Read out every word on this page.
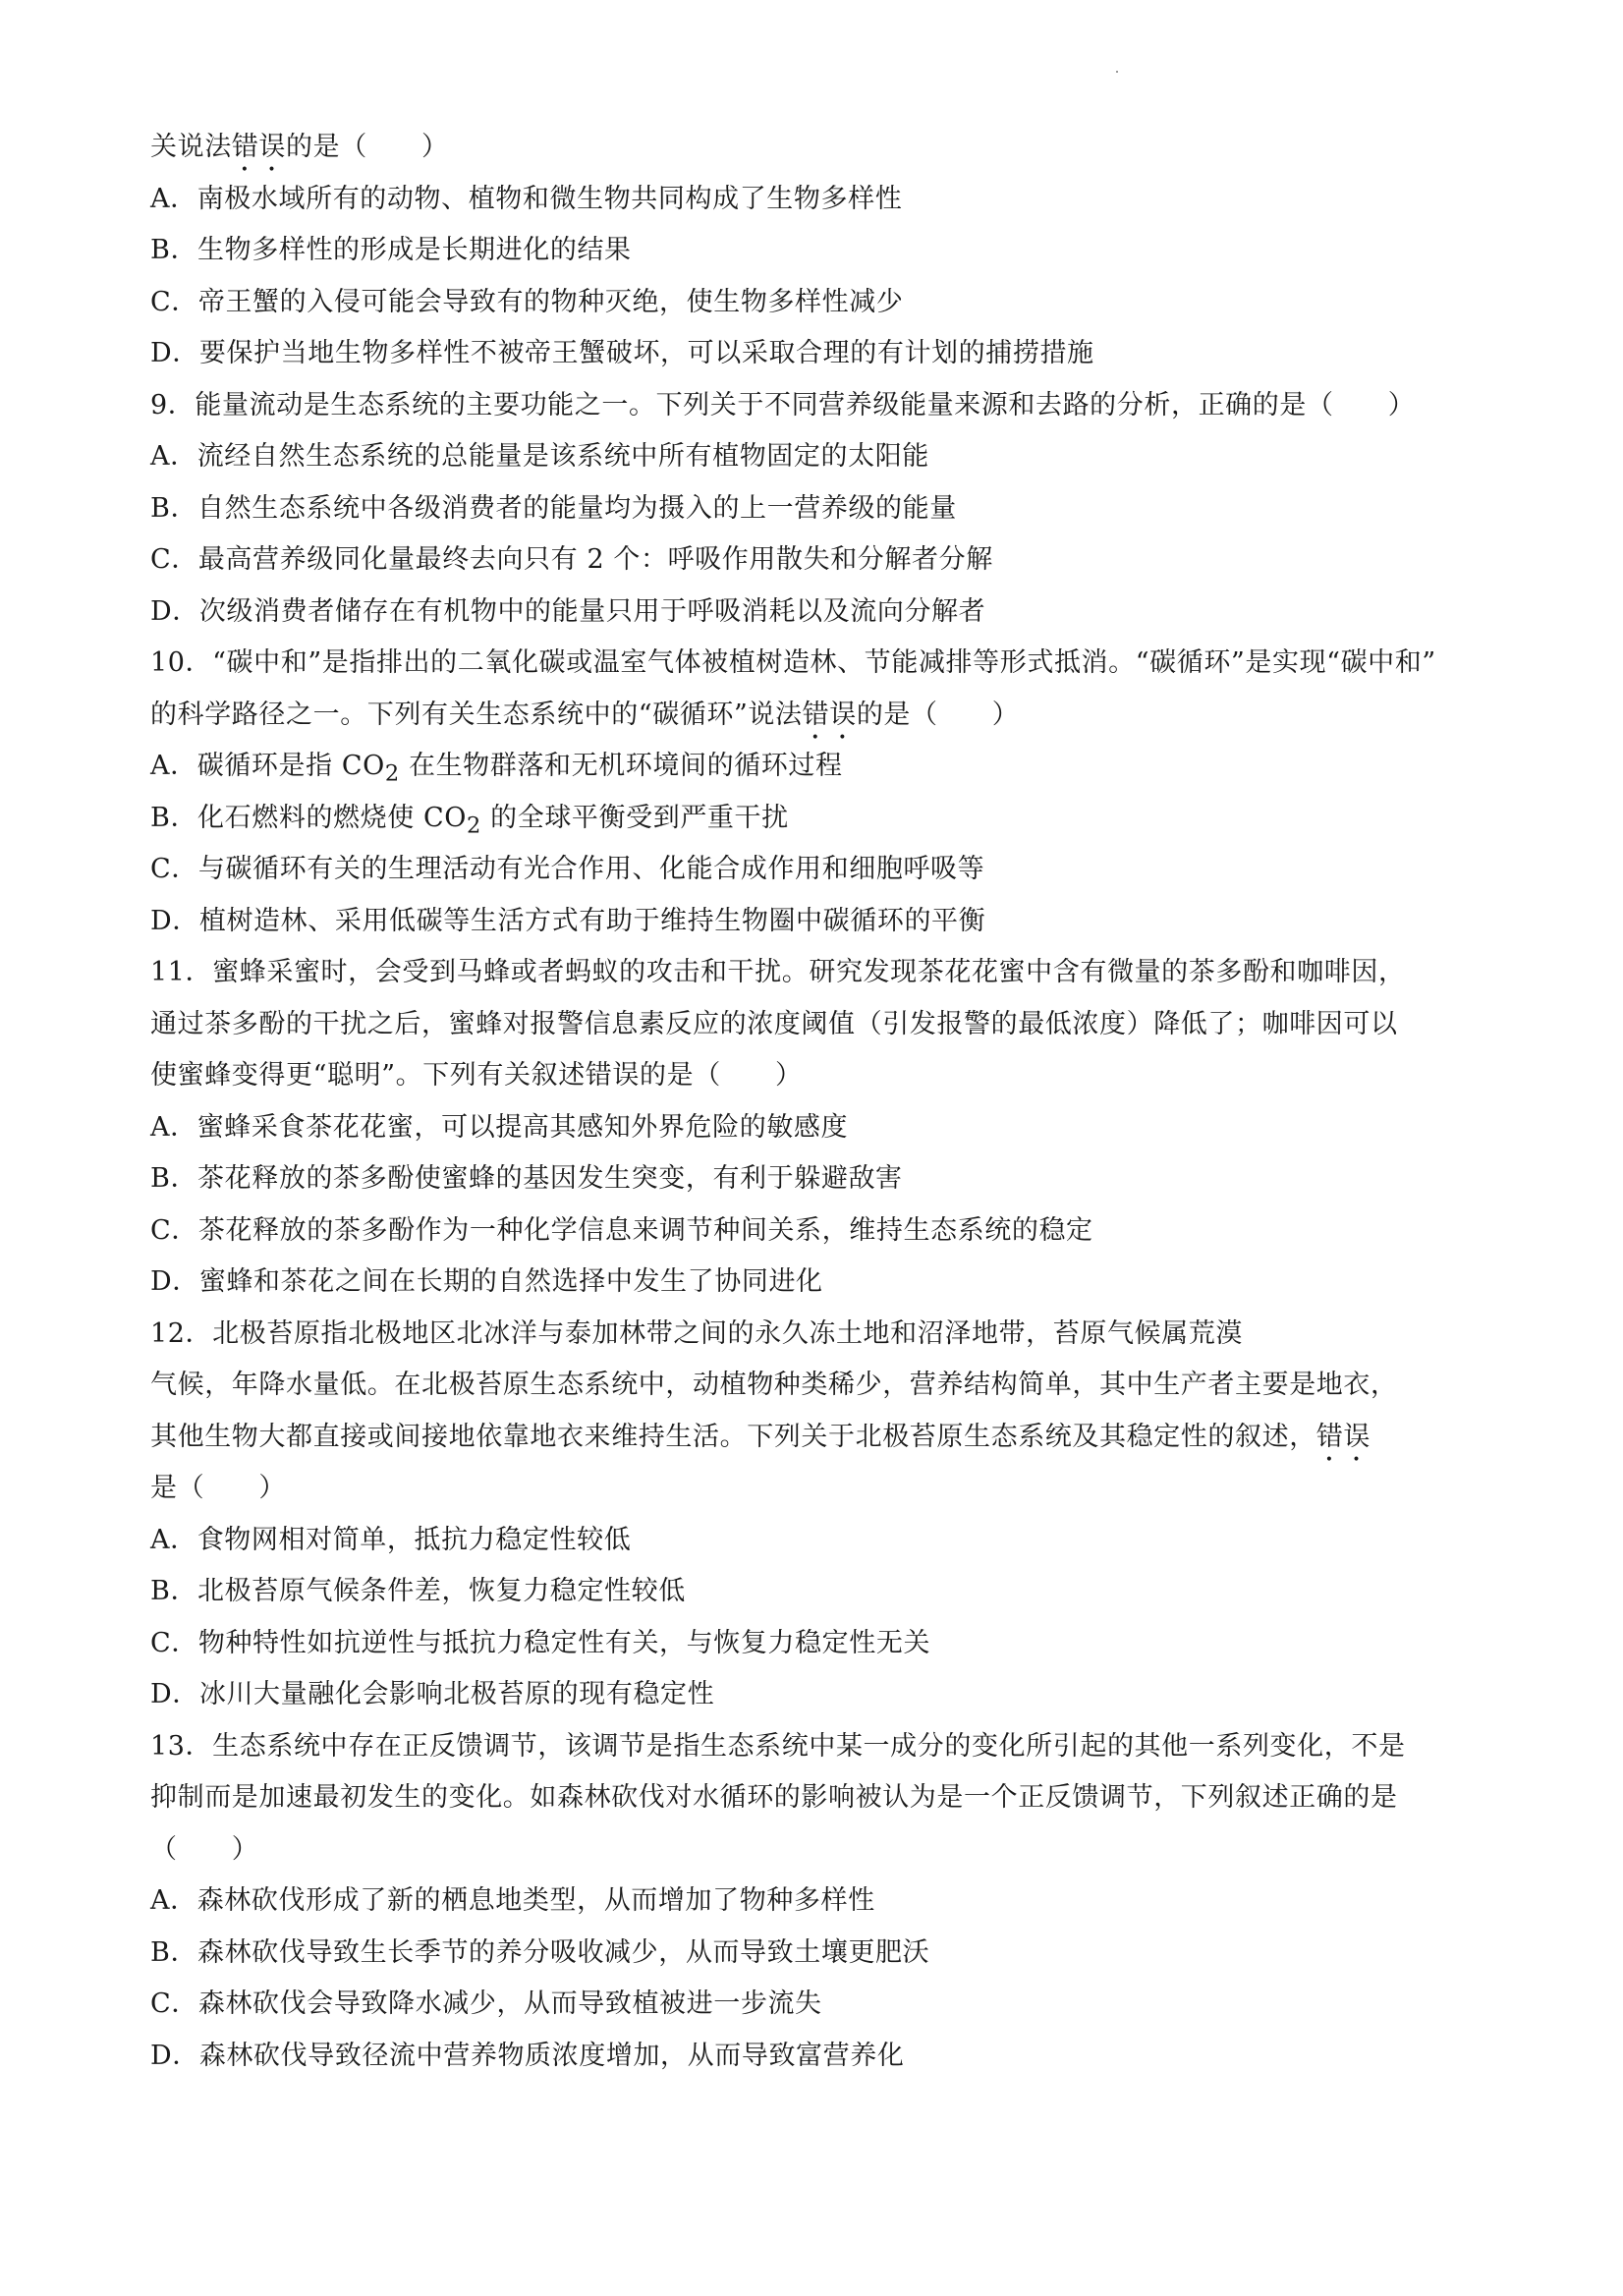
关说法错误的是（　　）
A．南极水域所有的动物、植物和微生物共同构成了生物多样性
B．生物多样性的形成是长期进化的结果
C．帝王蟹的入侵可能会导致有的物种灭绝，使生物多样性减少
D．要保护当地生物多样性不被帝王蟹破坏，可以采取合理的有计划的捕捞措施
9．能量流动是生态系统的主要功能之一。下列关于不同营养级能量来源和去路的分析，正确的是（　　）
A．流经自然生态系统的总能量是该系统中所有植物固定的太阳能
B．自然生态系统中各级消费者的能量均为摄入的上一营养级的能量
C．最高营养级同化量最终去向只有 2 个：呼吸作用散失和分解者分解
D．次级消费者储存在有机物中的能量只用于呼吸消耗以及流向分解者
10．“碳中和”是指排出的二氧化碳或温室气体被植树造林、节能减排等形式抵消。“碳循环”是实现“碳中和”
的科学路径之一。下列有关生态系统中的“碳循环”说法错误的是（　　）
A．碳循环是指 $CO_2$ 在生物群落和无机环境间的循环过程
B．化石燃料的燃烧使 $CO_2$ 的全球平衡受到严重干扰
C．与碳循环有关的生理活动有光合作用、化能合成作用和细胞呼吸等
D．植树造林、采用低碳等生活方式有助于维持生物圈中碳循环的平衡
11．蜜蜂采蜜时，会受到马蜂或者蚂蚁的攻击和干扰。研究发现茶花花蜜中含有微量的茶多酚和咖啡因，
通过茶多酚的干扰之后，蜜蜂对报警信息素反应的浓度阈值（引发报警的最低浓度）降低了；咖啡因可以
使蜜蜂变得更“聪明”。下列有关叙述错误的是（　　）
A．蜜蜂采食茶花花蜜，可以提高其感知外界危险的敏感度
B．茶花释放的茶多酚使蜜蜂的基因发生突变，有利于躲避敌害
C．茶花释放的茶多酚作为一种化学信息来调节种间关系，维持生态系统的稳定
D．蜜蜂和茶花之间在长期的自然选择中发生了协同进化
12．北极苔原指北极地区北冰洋与泰加林带之间的永久冻土地和沼泽地带，苔原气候属荒漠
气候，年降水量低。在北极苔原生态系统中，动植物种类稀少，营养结构简单，其中生产者主要是地衣，
其他生物大都直接或间接地依靠地衣来维持生活。下列关于北极苔原生态系统及其稳定性的叙述，错误
是（　　）
A．食物网相对简单，抵抗力稳定性较低
B．北极苔原气候条件差，恢复力稳定性较低
C．物种特性如抗逆性与抵抗力稳定性有关，与恢复力稳定性无关
D．冰川大量融化会影响北极苔原的现有稳定性
13．生态系统中存在正反馈调节，该调节是指生态系统中某一成分的变化所引起的其他一系列变化，不是
抑制而是加速最初发生的变化。如森林砍伐对水循环的影响被认为是一个正反馈调节，下列叙述正确的是
（　　）
A．森林砍伐形成了新的栖息地类型，从而增加了物种多样性
B．森林砍伐导致生长季节的养分吸收减少，从而导致土壤更肥沃
C．森林砍伐会导致降水减少，从而导致植被进一步流失
D．森林砍伐导致径流中营养物质浓度增加，从而导致富营养化
